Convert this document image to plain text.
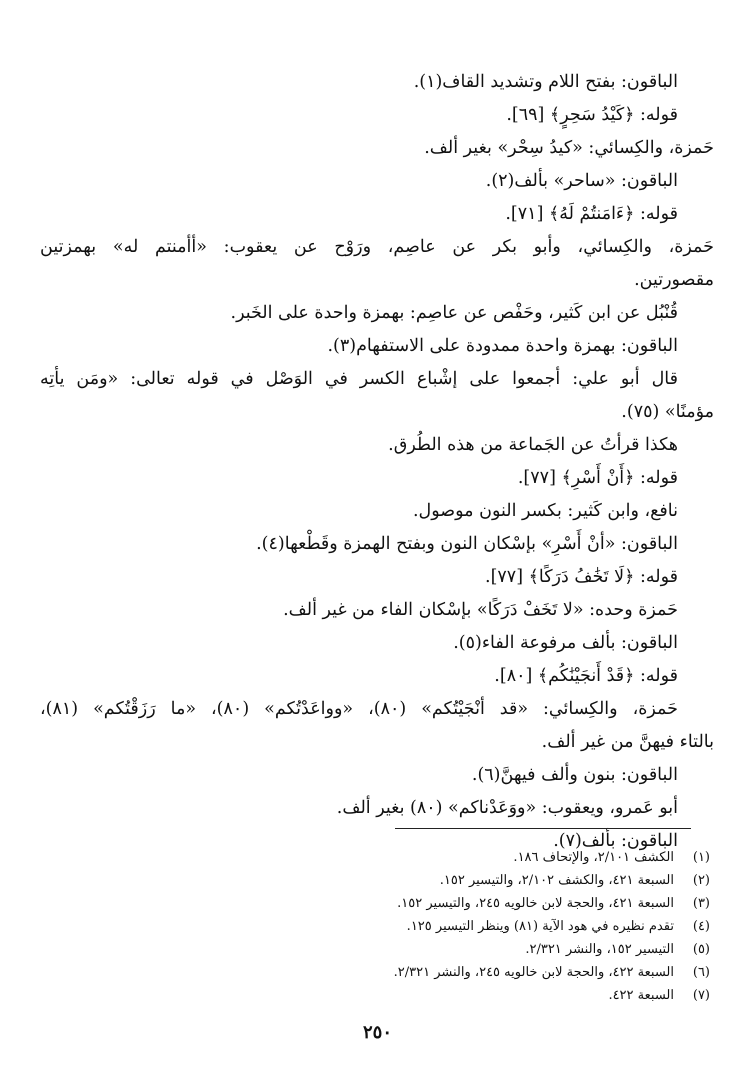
الباقون: بفتح اللام وتشديد القاف(١).
قوله: ﴿كَيْدُ سَحِرٍ﴾ [٦٩].
حَمزة، والكِسائي: «كيدُ سِحْر» بغير ألف.
الباقون: «ساحر» بألف(٢).
قوله: ﴿ءَامَنتُمْ لَهُ﴾ [٧١].
حَمزة، والكِسائي، وأبو بكر عن عاصِم، ورَوْح عن يعقوب: «أأمنتم له» بهمزتين
مقصورتين.
قُنْبُل عن ابن كَثير، وحَفْص عن عاصِم: بهمزة واحدة على الخَبر.
الباقون: بهمزة واحدة ممدودة على الاستفهام(٣).
قال أبو علي: أجمعوا على إشْباع الكسر في الوَصْل في قوله تعالى: «ومَن يأتِه
مؤمنًا» (٧٥).
هكذا قرأتُ عن الجَماعة من هذه الطُرق.
قوله: ﴿أَنْ أَسْرِ﴾ [٧٧].
نافع، وابن كَثير: بكسر النون موصول.
الباقون: «أنْ أَسْرِ» بإسْكان النون وبفتح الهمزة وقَطْعها(٤).
قوله: ﴿لَا تَخَٰفُ دَرَكًا﴾ [٧٧].
حَمزة وحده: «لا تَخَفْ دَرَكًا» بإسْكان الفاء من غير ألف.
الباقون: بألف مرفوعة الفاء(٥).
قوله: ﴿قَدْ أَنجَيْنَٰكُم﴾ [٨٠].
حَمزة، والكِسائي: «قد أنْجَيْتُكم» (٨٠)، «وواعَدْتُكم» (٨٠)، «ما رَزَقْتُكم» (٨١)،
بالتاء فيهنَّ من غير ألف.
الباقون: بنون وألف فيهنَّ(٦).
أبو عَمرو، ويعقوب: «ووَعَدْناكم» (٨٠) بغير ألف.
الباقون: بألف(٧).
(١)الكشف ٢/١٠١، والإتحاف ١٨٦.
(٢)السبعة ٤٢١، والكشف ٢/١٠٢، والتيسير ١٥٢.
(٣)السبعة ٤٢١، والحجة لابن خالويه ٢٤٥، والتيسير ١٥٢.
(٤)تقدم نظيره في هود الآية (٨١) وينظر التيسير ١٢٥.
(٥)التيسير ١٥٢، والنشر ٢/٣٢١.
(٦)السبعة ٤٢٢، والحجة لابن خالويه ٢٤٥، والنشر ٢/٣٢١.
(٧)السبعة ٤٢٢.
٢٥٠
